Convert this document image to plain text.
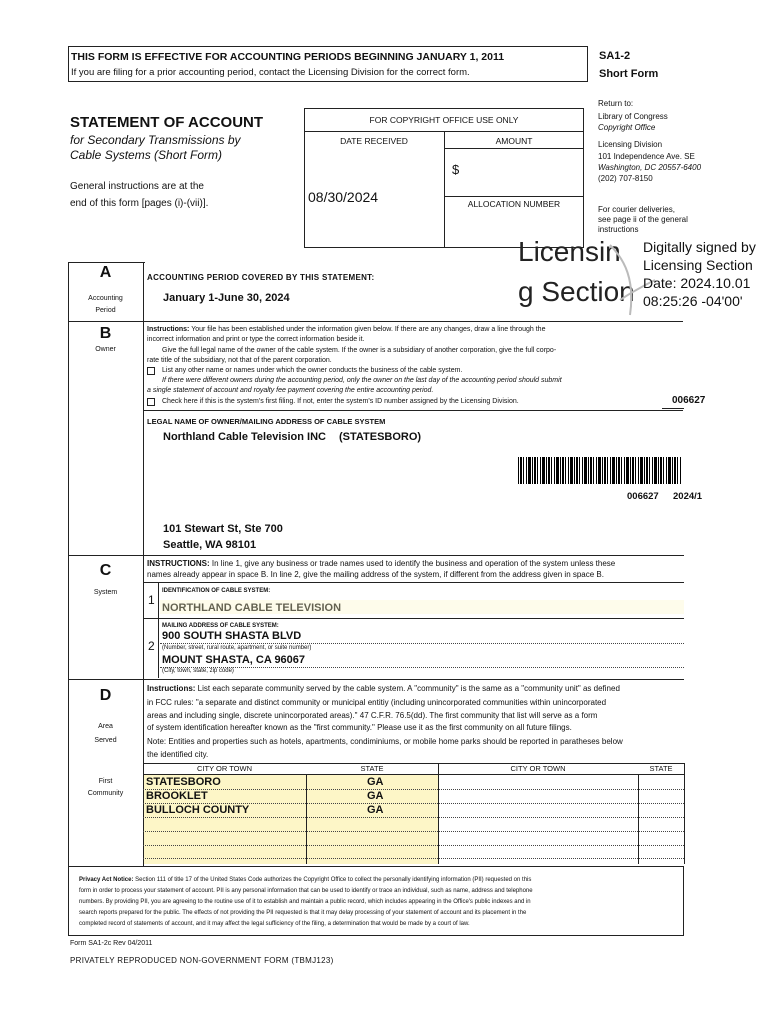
THIS FORM IS EFFECTIVE FOR ACCOUNTING PERIODS BEGINNING JANUARY 1, 2011
If you are filing for a prior accounting period, contact the Licensing Division for the correct form.
SA1-2
Short Form
STATEMENT OF ACCOUNT
for Secondary Transmissions by
Cable Systems (Short Form)
General instructions are at the
end of this form [pages (i)-(vii)].
FOR COPYRIGHT OFFICE USE ONLY
DATE RECEIVED	AMOUNT
$
08/30/2024	ALLOCATION NUMBER
Return to:
Library of Congress
Copyright Office
Licensing Division
101 Independence Ave. SE
Washington, DC 20557-6400
(202) 707-8150
For courier deliveries,
see page ii of the general
instructions
Licensin
g Section
Digitally signed by
Licensing Section
Date: 2024.10.01
08:25:26 -04'00'
A
Accounting
Period
ACCOUNTING PERIOD COVERED BY THIS STATEMENT:
January 1-June 30, 2024
B
Owner
Instructions: Your file has been established under the information given below. If there are any changes, draw a line through the
incorrect information and print or type the correct information beside it.
Give the full legal name of the owner of the cable system. If the owner is a subsidiary of another corporation, give the full corpo-
rate title of the subsidiary, not that of the parent corporation.
List any other name or names under which the owner conducts the business of the cable system.
If there were different owners during the accounting period, only the owner on the last day of the accounting period should submit
a single statement of account and royalty fee payment covering the entire accounting period.
Check here if this is the system's first filing. If not, enter the system's ID number assigned by the Licensing Division.	006627
LEGAL NAME OF OWNER/MAILING ADDRESS OF CABLE SYSTEM
Northland Cable Television INC (STATESBORO)
006627 2024/1
101 Stewart St, Ste 700
Seattle, WA 98101
C
System
INSTRUCTIONS: In line 1, give any business or trade names used to identify the business and operation of the system unless these
names already appear in space B. In line 2, give the mailing address of the system, if different from the address given in space B.
1
IDENTIFICATION OF CABLE SYSTEM:
NORTHLAND CABLE TELEVISION
MAILING ADDRESS OF CABLE SYSTEM:
2
900 SOUTH SHASTA BLVD
(Number, street, rural route, apartment, or suite number)
MOUNT SHASTA, CA 96067
(City, town, state, zip code)
D
Area
Served
First
Community
Instructions: List each separate community served by the cable system. A "community" is the same as a "community unit" as defined
in FCC rules: "a separate and distinct community or municipal entitiy (including unincorporated communities within unincorporated
areas and including single, discrete unincorporated areas)." 47 C.F.R. 76.5(dd). The first community that list will serve as a form
of system identification hereafter known as the "first community." Please use it as the first community on all future filings.
Note: Entities and properties such as hotels, apartments, condiminiums, or mobile home parks should be reported in paratheses below
the identified city.
CITY OR TOWN	STATE	CITY OR TOWN	STATE
STATESBORO	GA
BROOKLET	GA
BULLOCH COUNTY	GA
Privacy Act Notice: Section 111 of title 17 of the United States Code authorizes the Copyright Office to collect the personally identifying information (PII) requested on this
form in order to process your statement of account. PII is any personal information that can be used to identify or trace an individual, such as name, address and telephone
numbers. By providing PII, you are agreeing to the routine use of it to establish and maintain a public record, which includes appearing in the Office's public indexes and in
search reports prepared for the public. The effects of not providing the PII requested is that it may delay processing of your statement of account and its placement in the
completed record of statements of account, and it may affect the legal sufficiency of the filing, a determination that would be made by a court of law.
Form SA1-2c Rev 04/2011
PRIVATELY REPRODUCED NON-GOVERNMENT FORM (TBMJ123)
